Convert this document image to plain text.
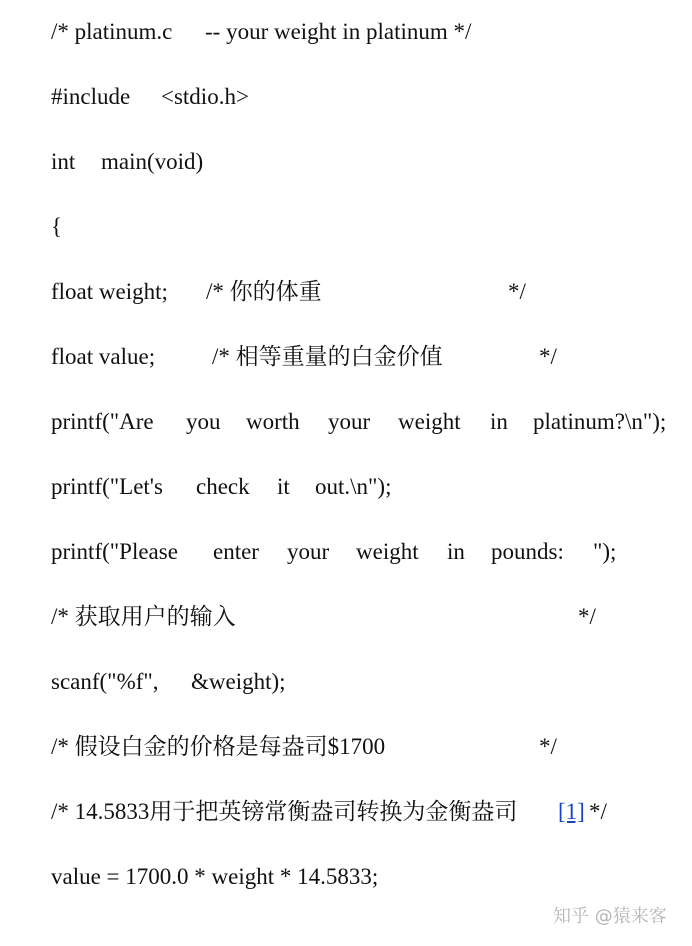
/* platinum.c -- your weight in platinum */

#include <stdio.h>

int main(void)

{

float weight; /* 你的体重	*/

float value; /* 相等重量的白金价值	*/

printf("Are you worth your weight in platinum?\n");

printf("Let's check it out.\n");

printf("Please enter your weight in pounds: ");

/* 获取用户的输入	*/

scanf("%f", &weight);

/* 假设白金的价格是每盎司$1700	*/

/* 14.5833用于把英镑常衡盎司转换为金衡盎司 [1] */

value = 1700.0 * weight * 14.5833;

知乎 @猿来客
